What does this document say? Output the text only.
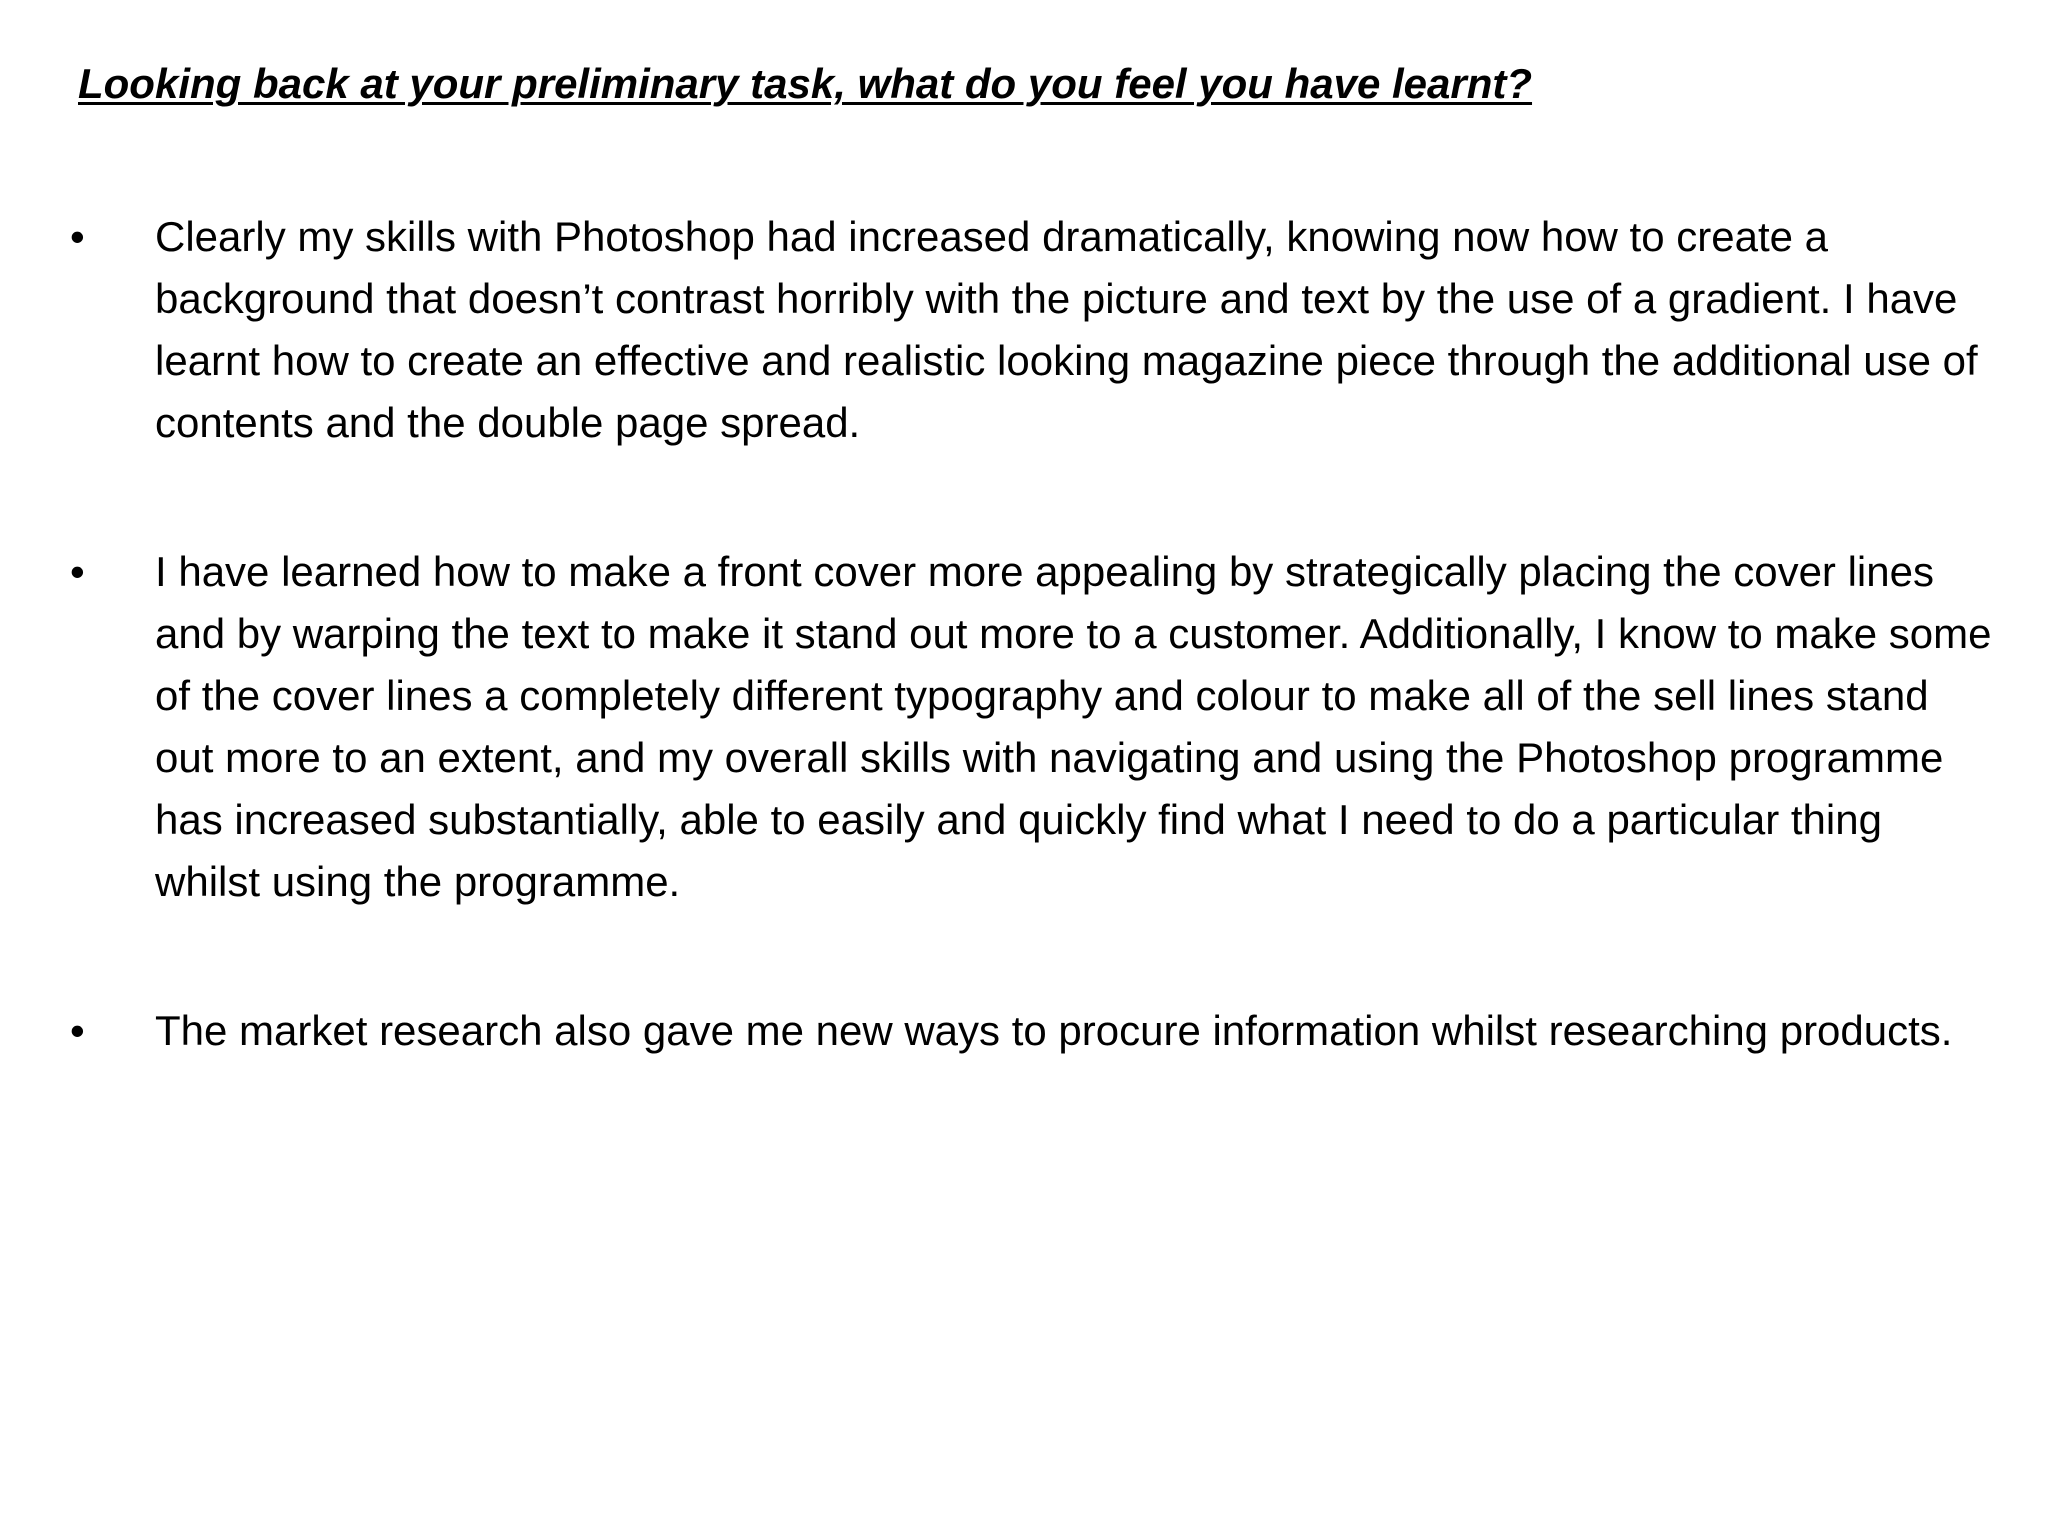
Looking back at your preliminary task, what do you feel you have learnt?
• Clearly my skills with Photoshop had increased dramatically, knowing now how to create a background that doesn’t contrast horribly with the picture and text by the use of a gradient. I have learnt how to create an effective and realistic looking magazine piece through the additional use of contents and the double page spread.
• I have learned how to make a front cover more appealing by strategically placing the cover lines and by warping the text to make it stand out more to a customer. Additionally, I know to make some of the cover lines a completely different typography and colour to make all of the sell lines stand out more to an extent, and my overall skills with navigating and using the Photoshop programme has increased substantially, able to easily and quickly find what I need to do a particular thing whilst using the programme.
• The market research also gave me new ways to procure information whilst researching products.
